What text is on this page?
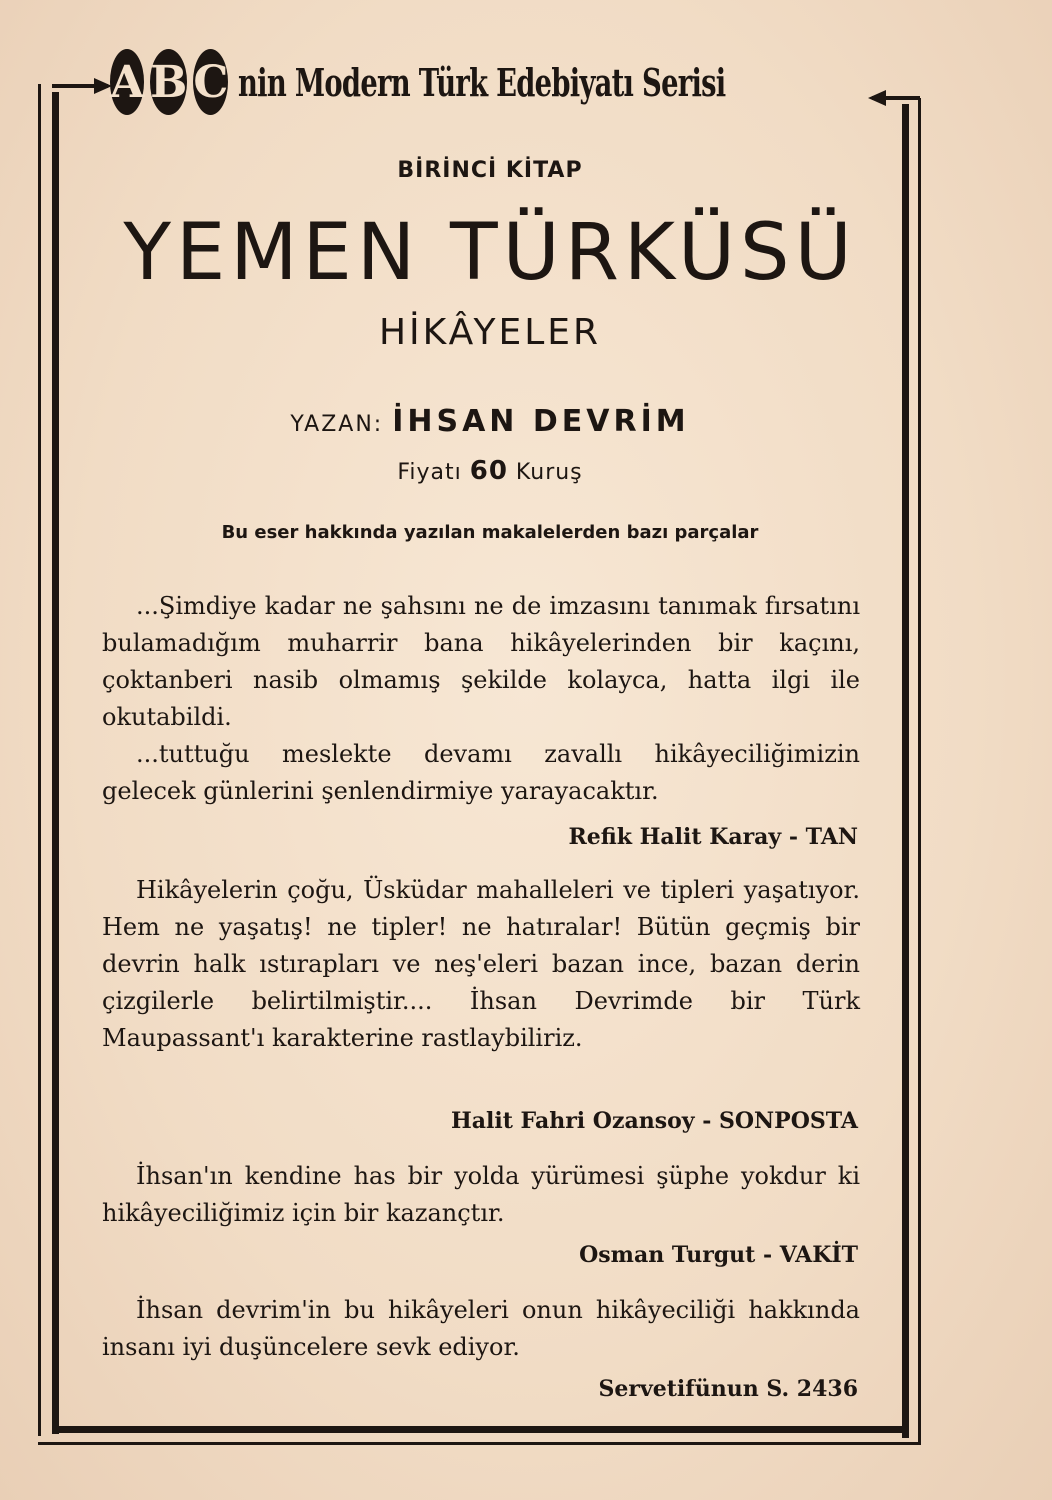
A B C nin Modern Türk Edebiyatı Serisi
BİRİNCİ KİTAP
YEMEN TÜRKÜSÜ
HİKÂYELER
YAZAN: İHSAN DEVRİM
Fiyatı 60 Kuruş
Bu eser hakkında yazılan makalelerden bazı parçalar
...Şimdiye kadar ne şahsını ne de imzasını tanımak fırsatını bulamadığım muharrir bana hikâyelerinden bir kaçını, çoktanberi nasib olmamış şekilde kolayca, hatta ilgi ile okutabildi.
...tuttuğu meslekte devamı zavallı hikâyeciliğimizin gelecek günlerini şenlendirmiye yarayacaktır.
Refik Halit Karay - TAN
Hikâyelerin çoğu, Üsküdar mahalleleri ve tipleri yaşatıyor. Hem ne yaşatış! ne tipler! ne hatıralar! Bütün geçmiş bir devrin halk ıstırapları ve neş'eleri bazan ince, bazan derin çizgilerle belirtilmiştir.... İhsan Devrimde bir Türk Maupassant'ı karakterine rastlaybiliriz.
Halit Fahri Ozansoy - SONPOSTA
İhsan'ın kendine has bir yolda yürümesi şüphe yokdur ki hikâyeciliğimiz için bir kazançtır.
Osman Turgut - VAKİT
İhsan devrim'in bu hikâyeleri onun hikâyeciliği hakkında insanı iyi duşüncelere sevk ediyor.
Servetifünun S. 2436
